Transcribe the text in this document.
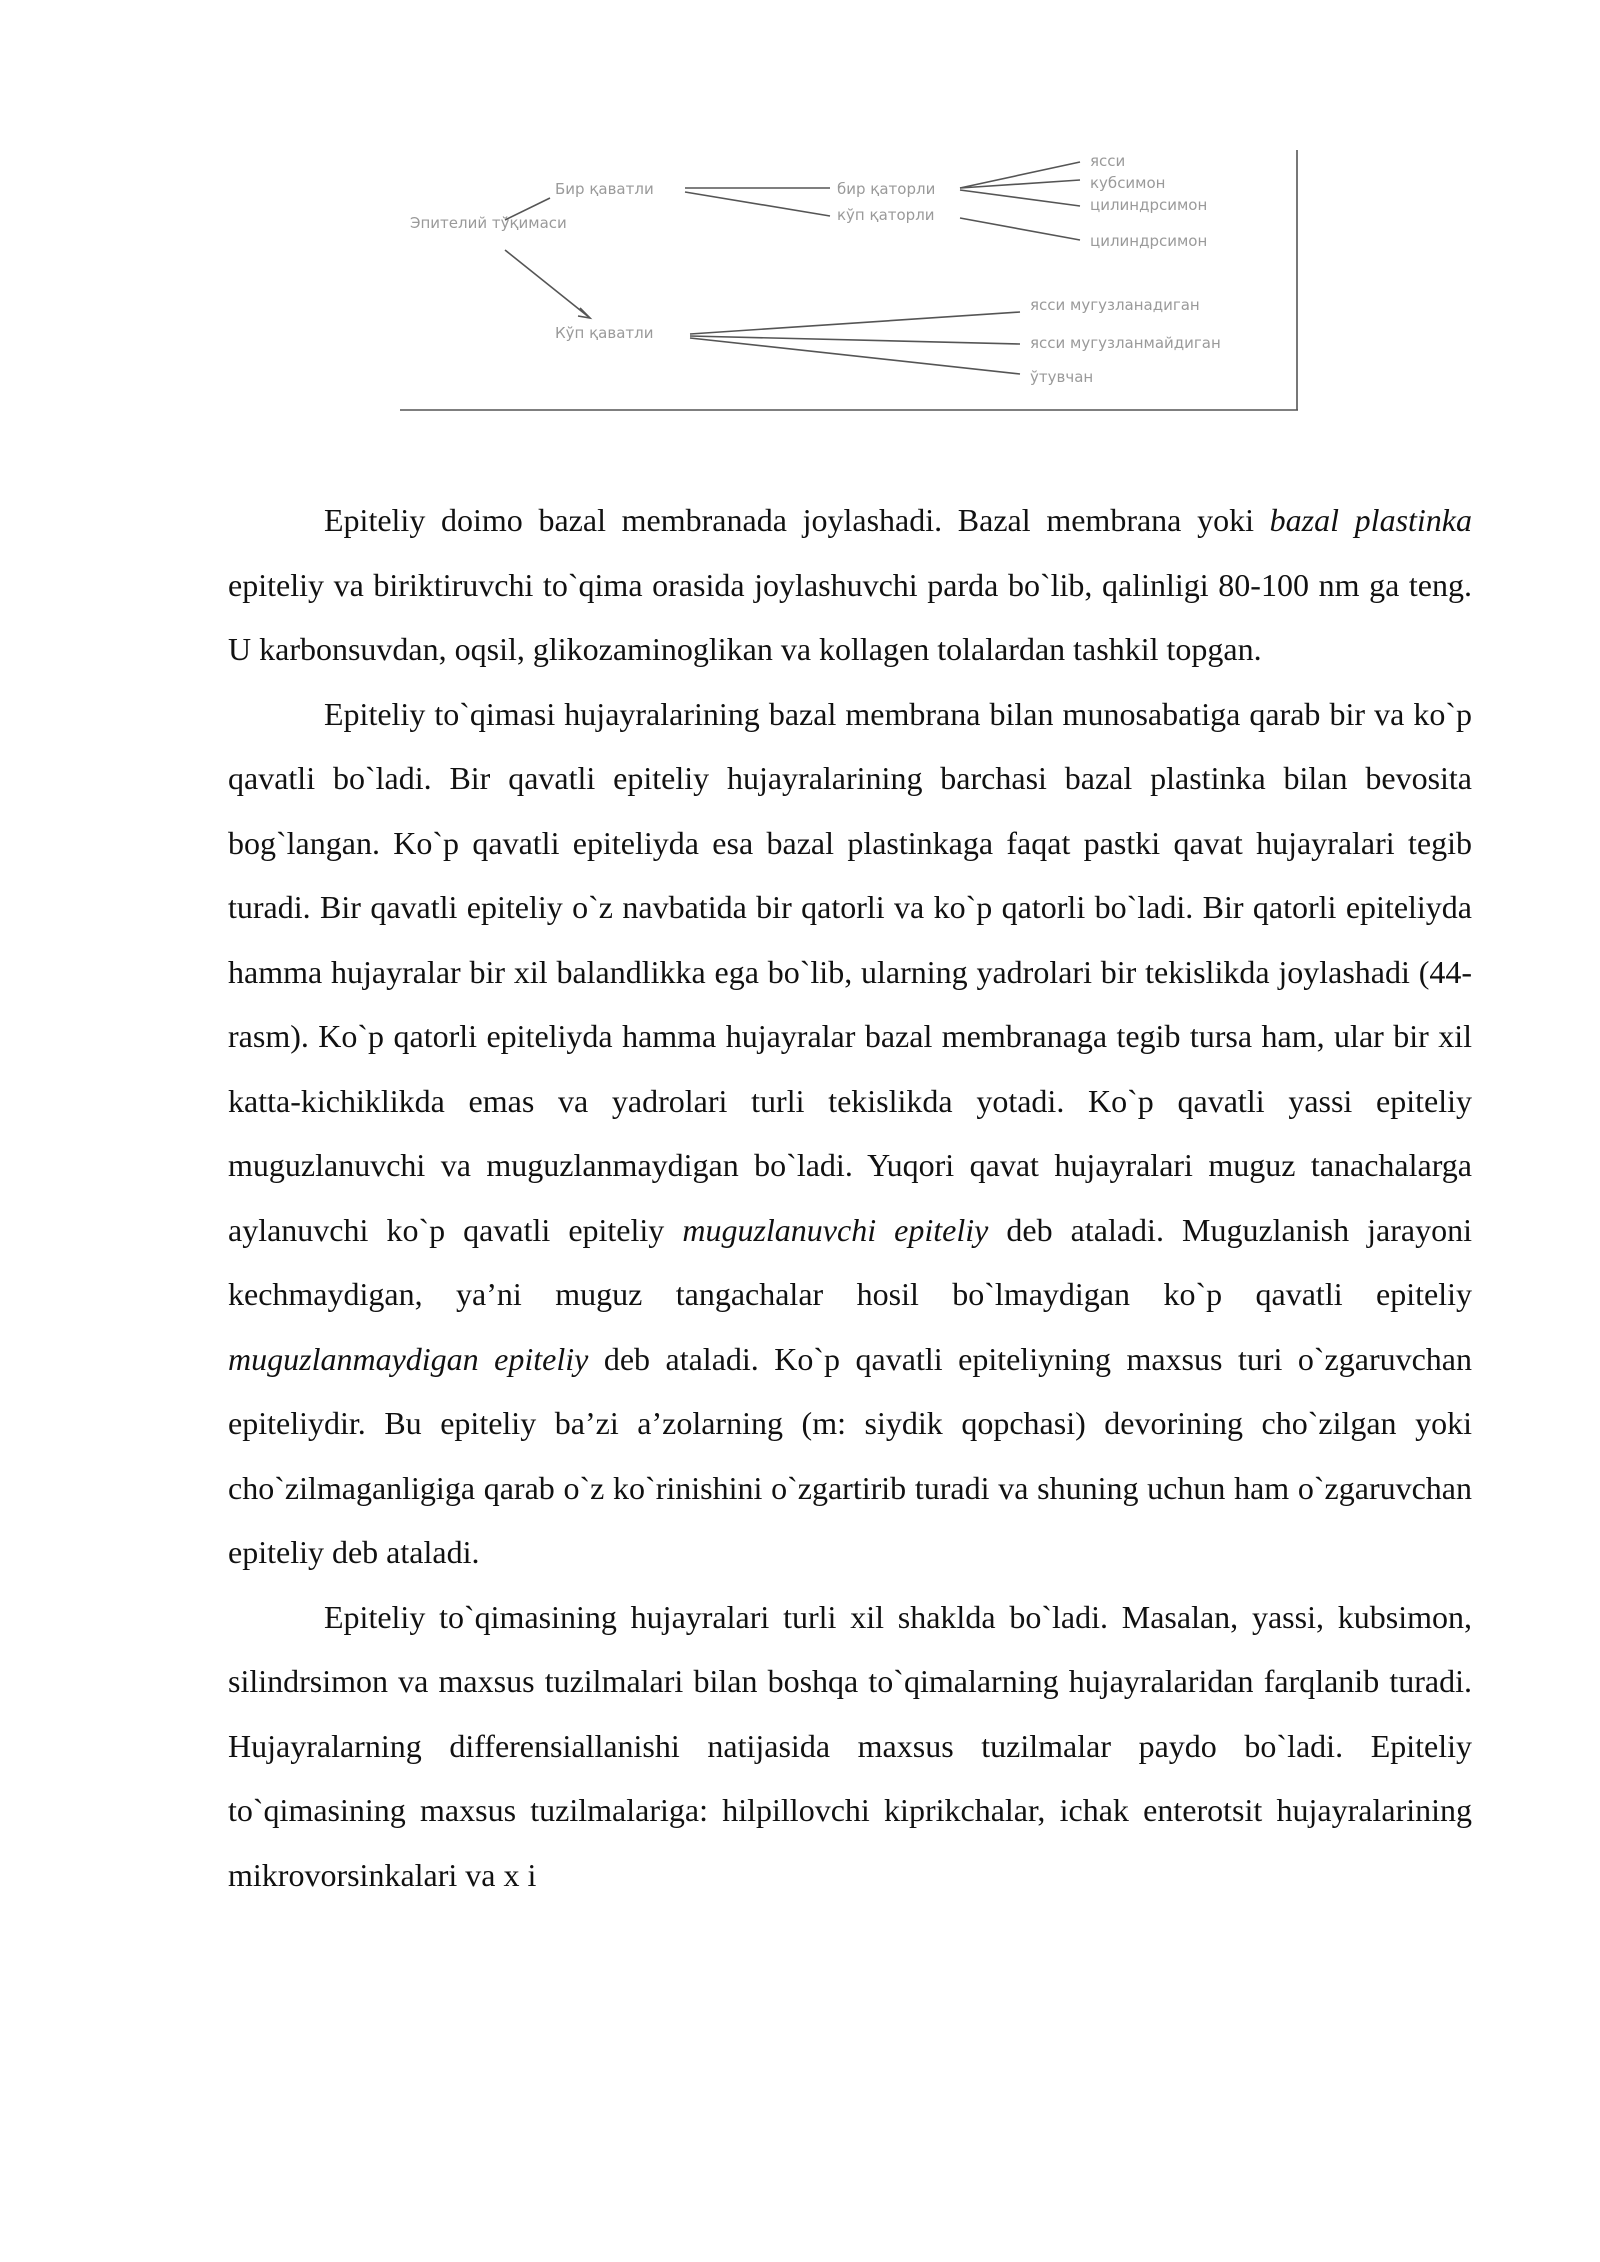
Эпителий тўқимаси
Бир қаватли	бир қаторли
кўп қаторли
ясси
кубсимон
цилиндрсимон
цилиндрсимон
Кўп қаватли
ясси мугузланадиган
ясси мугузланмайдиган
ўтувчан

Epiteliy doimo bazal membranada joylashadi. Bazal membrana yoki bazal plastinka epiteliy va biriktiruvchi to`qima orasida joylashuvchi parda bo`lib, qalinligi 80-100 nm ga teng. U karbonsuvdan, oqsil, glikozaminoglikan va kollagen tolalardan tashkil topgan.

Epiteliy to`qimasi hujayralarining bazal membrana bilan munosabatiga qarab bir va ko`p qavatli bo`ladi. Bir qavatli epiteliy hujayralarining barchasi bazal plastinka bilan bevosita bog`langan. Ko`p qavatli epiteliyda esa bazal plastinkaga faqat pastki qavat hujayralari tegib turadi. Bir qavatli epiteliy o`z navbatida bir qatorli va ko`p qatorli bo`ladi. Bir qatorli epiteliyda hamma hujayralar bir xil balandlikka ega bo`lib, ularning yadrolari bir tekislikda joylashadi (44-rasm). Ko`p qatorli epiteliyda hamma hujayralar bazal membranaga tegib tursa ham, ular bir xil katta-kichiklikda emas va yadrolari turli tekislikda yotadi. Ko`p qavatli yassi epiteliy muguzlanuvchi va muguzlanmaydigan bo`ladi. Yuqori qavat hujayralari muguz tanachalarga aylanuvchi ko`p qavatli epiteliy muguzlanuvchi epiteliy deb ataladi. Muguzlanish jarayoni kechmaydigan, ya’ni muguz tangachalar hosil bo`lmaydigan ko`p qavatli epiteliy muguzlanmaydigan epiteliy deb ataladi. Ko`p qavatli epiteliyning maxsus turi o`zgaruvchan epiteliydir. Bu epiteliy ba’zi a’zolarning (m: siydik qopchasi) devorining cho`zilgan yoki cho`zilmaganligiga qarab o`z ko`rinishini o`zgartirib turadi va shuning uchun ham o`zgaruvchan epiteliy deb ataladi.

Epiteliy to`qimasining hujayralari turli xil shaklda bo`ladi. Masalan, yassi, kubsimon, silindrsimon va maxsus tuzilmalari bilan boshqa to`qimalarning hujayralaridan farqlanib turadi. Hujayralarning differensiallanishi natijasida maxsus tuzilmalar paydo bo`ladi. Epiteliy to`qimasining maxsus tuzilmalariga: hilpillovchi kiprikchalar, ichak enterotsit hujayralarining mikrovorsinkalari va x i
